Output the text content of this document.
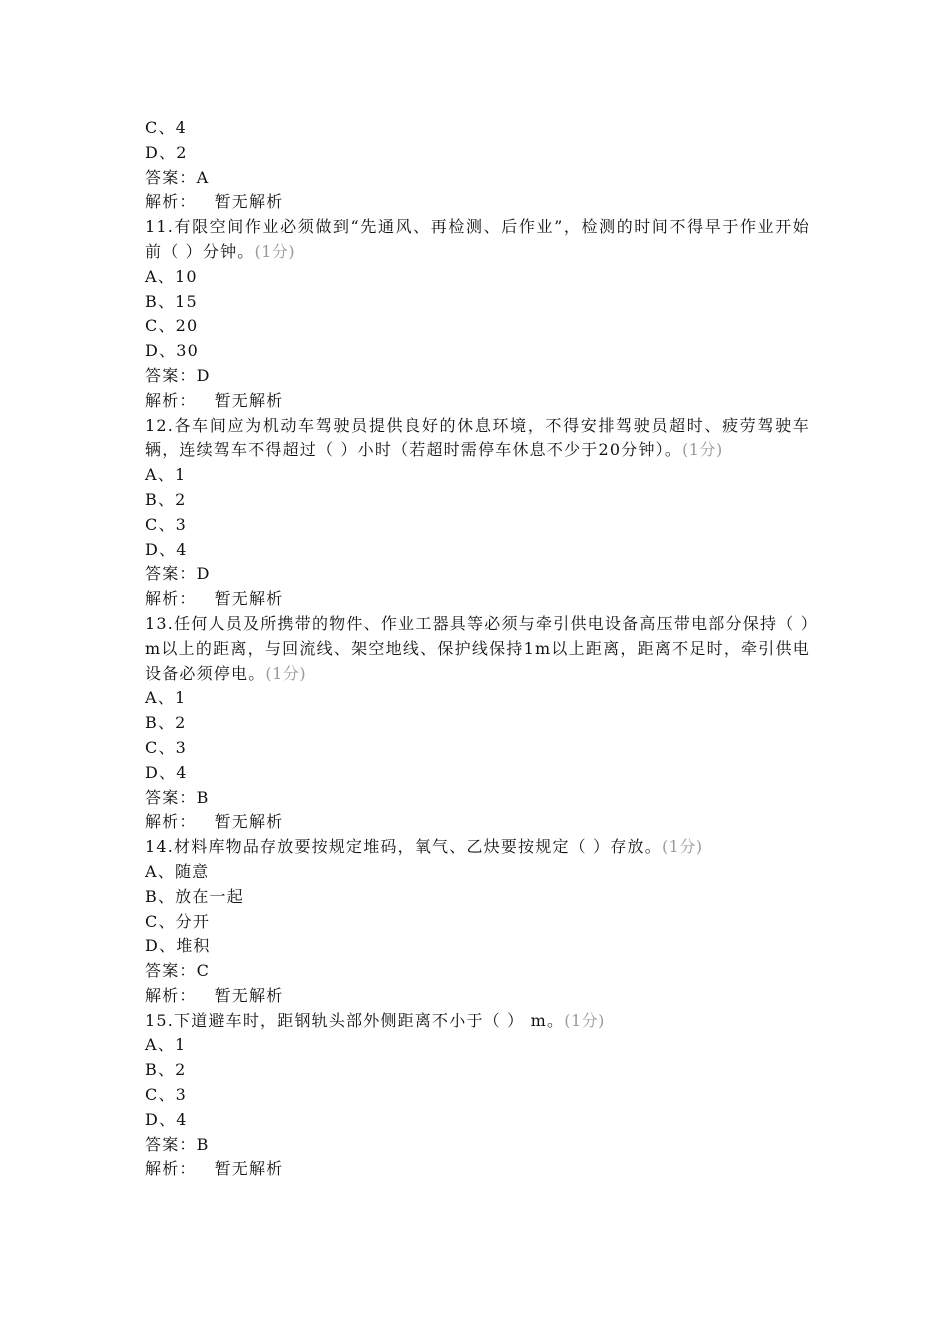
C、4
D、2
答案：A
解析： 暂无解析
11.有限空间作业必须做到“先通风、再检测、后作业”，检测的时间不得早于作业开始前（ ）分钟。(1分)
A、10
B、15
C、20
D、30
答案：D
解析： 暂无解析
12.各车间应为机动车驾驶员提供良好的休息环境，不得安排驾驶员超时、疲劳驾驶车辆，连续驾车不得超过（ ）小时（若超时需停车休息不少于20分钟）。(1分)
A、1
B、2
C、3
D、4
答案：D
解析： 暂无解析
13.任何人员及所携带的物件、作业工器具等必须与牵引供电设备高压带电部分保持（ ）m以上的距离，与回流线、架空地线、保护线保持1m以上距离，距离不足时，牵引供电设备必须停电。(1分)
A、1
B、2
C、3
D、4
答案：B
解析： 暂无解析
14.材料库物品存放要按规定堆码，氧气、乙炔要按规定（ ）存放。(1分)
A、随意
B、放在一起
C、分开
D、堆积
答案：C
解析： 暂无解析
15.下道避车时，距钢轨头部外侧距离不小于（ ） m。(1分)
A、1
B、2
C、3
D、4
答案：B
解析： 暂无解析
